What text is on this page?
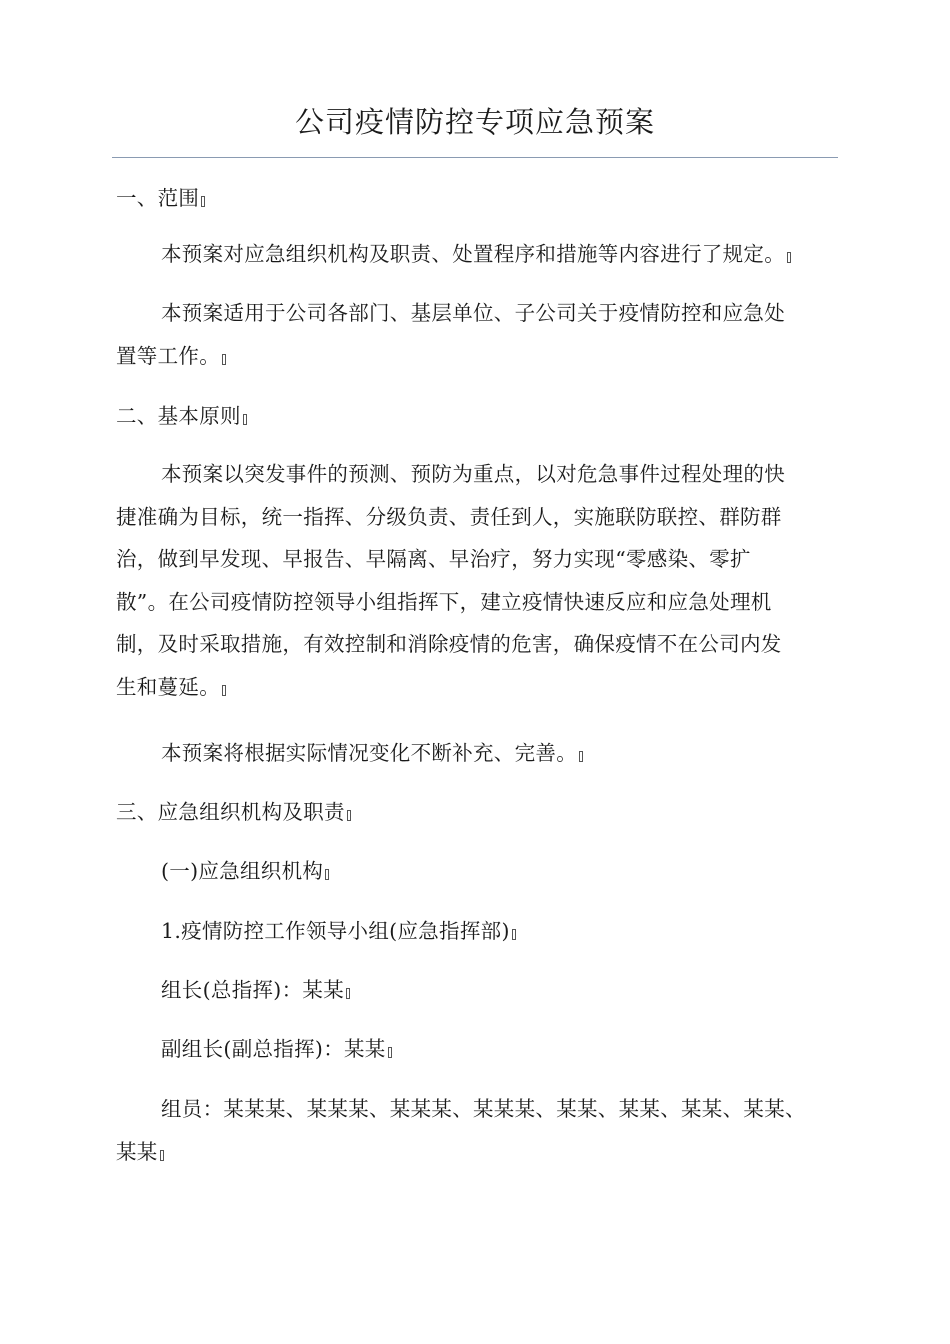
公司疫情防控专项应急预案

一、范围

本预案对应急组织机构及职责、处置程序和措施等内容进行了规定。

本预案适用于公司各部门、基层单位、子公司关于疫情防控和应急处
置等工作。

二、基本原则

本预案以突发事件的预测、预防为重点，以对危急事件过程处理的快
捷准确为目标，统一指挥、分级负责、责任到人，实施联防联控、群防群
治，做到早发现、早报告、早隔离、早治疗，努力实现“零感染、零扩
散”。在公司疫情防控领导小组指挥下，建立疫情快速反应和应急处理机
制，及时采取措施，有效控制和消除疫情的危害，确保疫情不在公司内发
生和蔓延。

本预案将根据实际情况变化不断补充、完善。

三、应急组织机构及职责

(一)应急组织机构

1.疫情防控工作领导小组(应急指挥部)

组长(总指挥)：某某

副组长(副总指挥)：某某

组员：某某某、某某某、某某某、某某某、某某、某某、某某、某某、
某某
